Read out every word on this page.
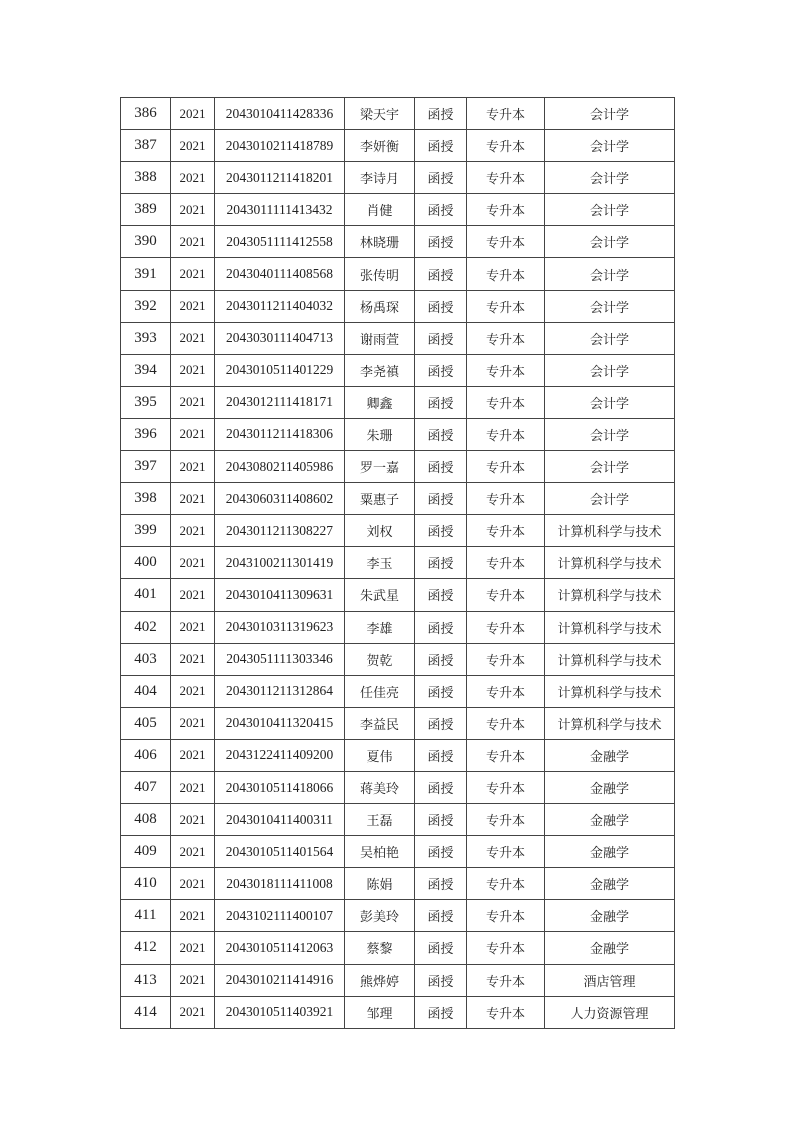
386	2021	2043010411428336	梁天宇	函授	专升本	会计学
387	2021	2043010211418789	李妍衡	函授	专升本	会计学
388	2021	2043011211418201	李诗月	函授	专升本	会计学
389	2021	2043011111413432	肖健	函授	专升本	会计学
390	2021	2043051111412558	林晓珊	函授	专升本	会计学
391	2021	2043040111408568	张传明	函授	专升本	会计学
392	2021	2043011211404032	杨禹琛	函授	专升本	会计学
393	2021	2043030111404713	谢雨萱	函授	专升本	会计学
394	2021	2043010511401229	李尧禛	函授	专升本	会计学
395	2021	2043012111418171	卿鑫	函授	专升本	会计学
396	2021	2043011211418306	朱珊	函授	专升本	会计学
397	2021	2043080211405986	罗一嘉	函授	专升本	会计学
398	2021	2043060311408602	粟惠子	函授	专升本	会计学
399	2021	2043011211308227	刘权	函授	专升本	计算机科学与技术
400	2021	2043100211301419	李玉	函授	专升本	计算机科学与技术
401	2021	2043010411309631	朱武星	函授	专升本	计算机科学与技术
402	2021	2043010311319623	李雄	函授	专升本	计算机科学与技术
403	2021	2043051111303346	贺乾	函授	专升本	计算机科学与技术
404	2021	2043011211312864	任佳亮	函授	专升本	计算机科学与技术
405	2021	2043010411320415	李益民	函授	专升本	计算机科学与技术
406	2021	2043122411409200	夏伟	函授	专升本	金融学
407	2021	2043010511418066	蒋美玲	函授	专升本	金融学
408	2021	2043010411400311	王磊	函授	专升本	金融学
409	2021	2043010511401564	吴柏艳	函授	专升本	金融学
410	2021	2043018111411008	陈娟	函授	专升本	金融学
411	2021	2043102111400107	彭美玲	函授	专升本	金融学
412	2021	2043010511412063	蔡黎	函授	专升本	金融学
413	2021	2043010211414916	熊烨婷	函授	专升本	酒店管理
414	2021	2043010511403921	邹理	函授	专升本	人力资源管理
